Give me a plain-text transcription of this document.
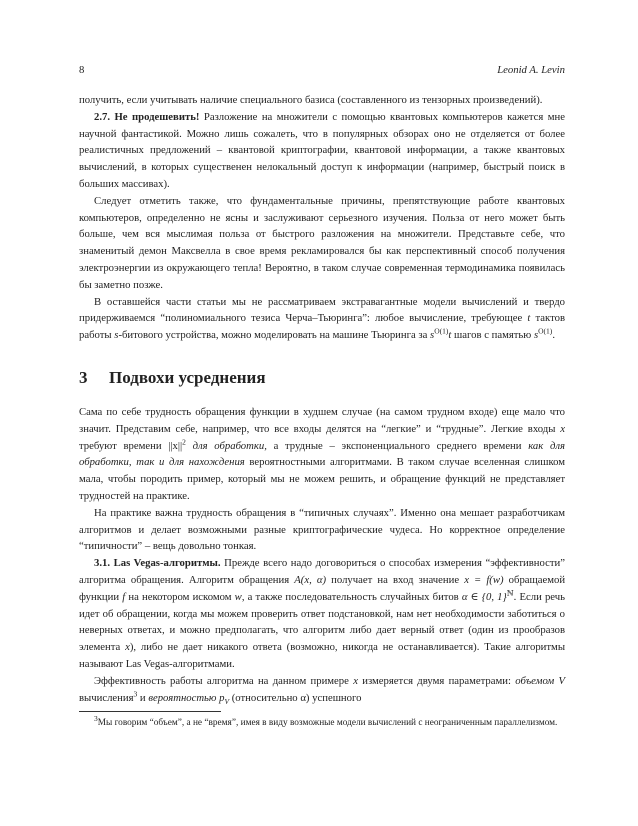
8	Leonid A. Levin

получить, если учитывать наличие специального базиса (составленного из тензорных произведений).

2.7. Не продешевить! Разложение на множители с помощью квантовых компьютеров кажется мне научной фантастикой. Можно лишь сожалеть, что в популярных обзорах оно не отделяется от более реалистичных предложений – квантовой криптографии, квантовой информации, а также квантовых вычислений, в которых существенен нелокальный доступ к информации (например, быстрый поиск в больших массивах).

Следует отметить также, что фундаментальные причины, препятствующие работе квантовых компьютеров, определенно не ясны и заслуживают серьезного изучения. Польза от него может быть больше, чем вся мыслимая польза от быстрого разложения на множители. Представьте себе, что знаменитый демон Максвелла в свое время рекламировался бы как перспективный способ получения электроэнергии из окружающего тепла! Вероятно, в таком случае современная термодинамика появилась бы заметно позже.

В оставшейся части статьи мы не рассматриваем экстравагантные модели вычислений и твердо придерживаемся “полиномиального тезиса Черча–Тьюринга”: любое вычисление, требующее t тактов работы s-битового устройства, можно моделировать на машине Тьюринга за $s^{O(1)}t$ шагов с памятью $s^{O(1)}$.

3 Подвохи усреднения

Сама по себе трудность обращения функции в худшем случае (на самом трудном входе) еще мало что значит. Представим себе, например, что все входы делятся на “легкие” и “трудные”. Легкие входы x требуют времени $||x||^2$ для обработки, а трудные – экспоненциального среднего времени как для обработки, так и для нахождения вероятностными алгоритмами. В таком случае вселенная слишком мала, чтобы породить пример, который мы не можем решить, и обращение функций не представляет трудностей на практике.

На практике важна трудность обращения в “типичных случаях”. Именно она мешает разработчикам алгоритмов и делает возможными разные криптографические чудеса. Но корректное определение “типичности” – вещь довольно тонкая.

3.1. Las Vegas-алгоритмы. Прежде всего надо договориться о способах измерения “эффективности” алгоритма обращения. Алгоритм обращения A(x, α) получает на вход значение x = f(w) обращаемой функции f на некотором искомом w, а также последовательность случайных битов α ∈ {0, 1}$^ℕ$. Если речь идет об обращении, когда мы можем проверить ответ подстановкой, нам нет необходимости заботиться о неверных ответах, и можно предполагать, что алгоритм либо дает верный ответ (один из прообразов элемента x), либо не дает никакого ответа (возможно, никогда не останавливается). Такие алгоритмы называют Las Vegas-алгоритмами.

Эффективность работы алгоритма на данном примере x измеряется двумя параметрами: объемом V вычисления$^3$ и вероятностью $p_V$ (относительно α) успешного

$^3$Мы говорим “объем”, а не “время”, имея в виду возможные модели вычислений с неограниченным параллелизмом.
